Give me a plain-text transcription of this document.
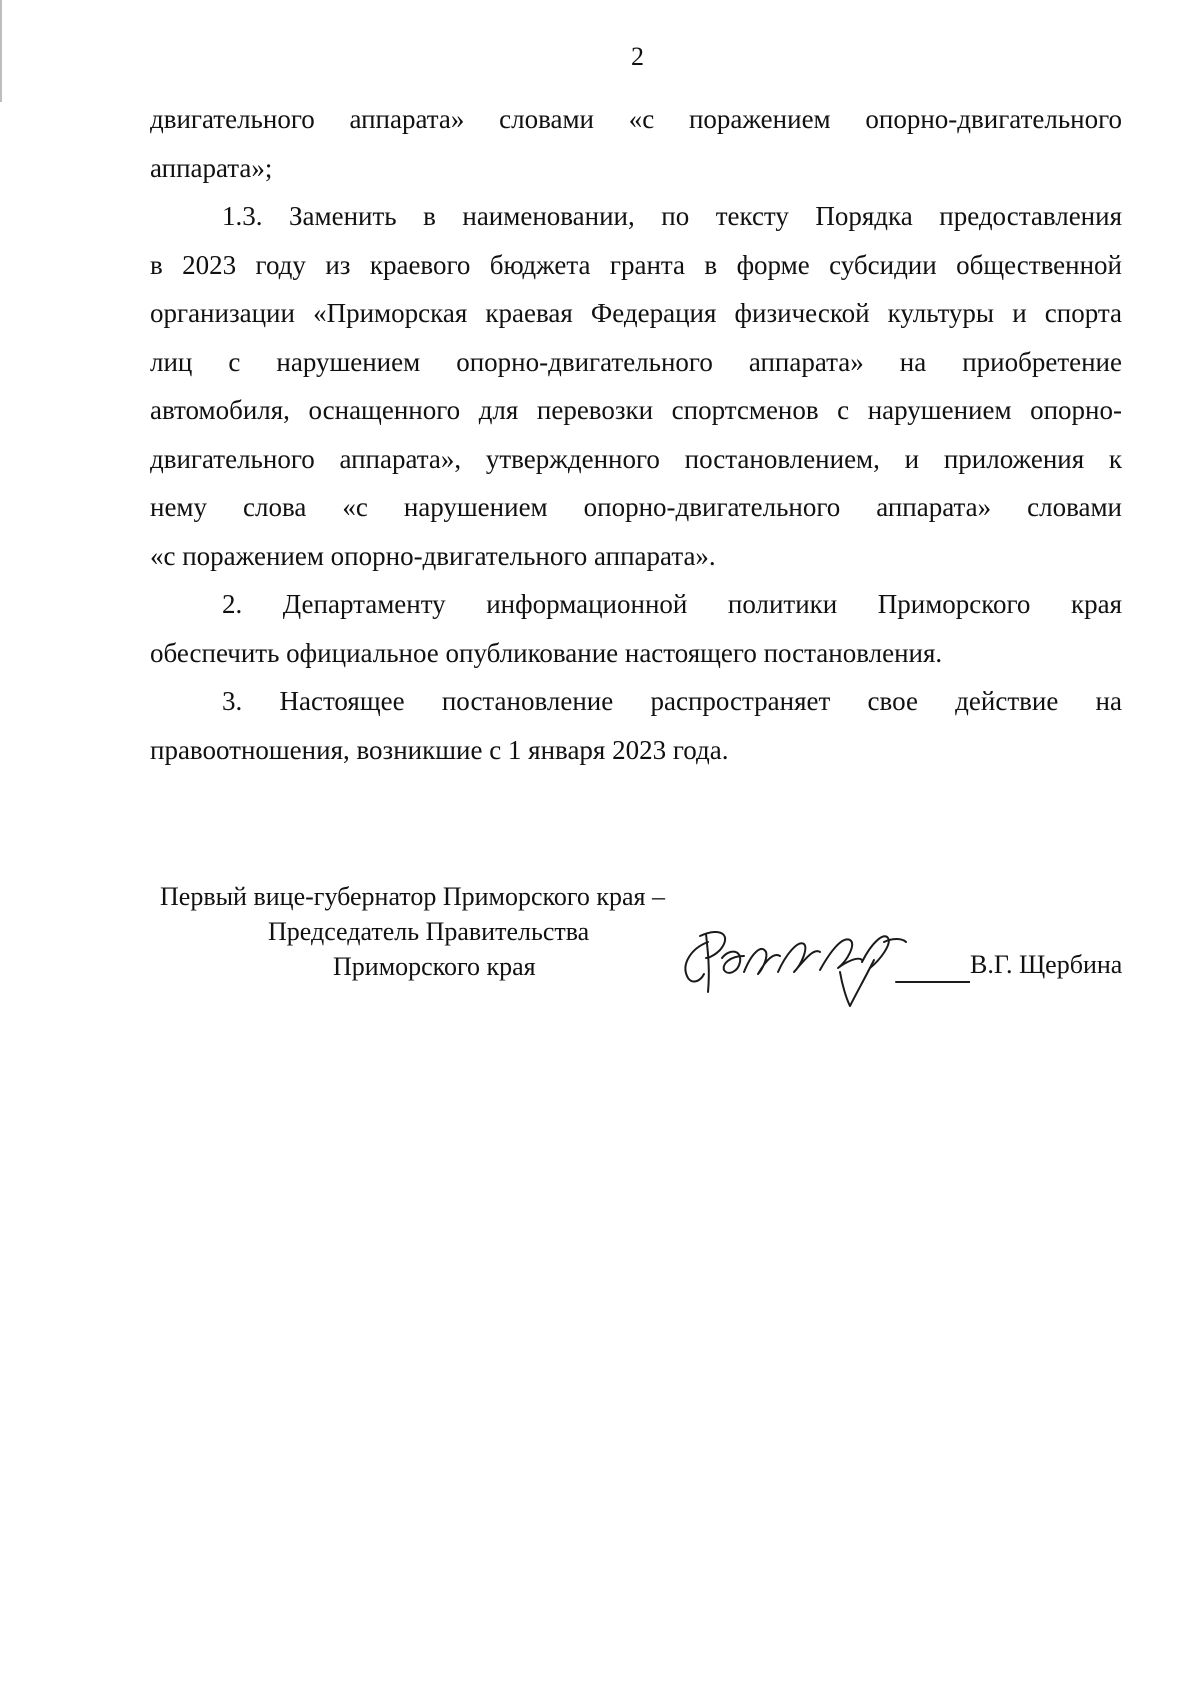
2
двигательного аппарата» словами «с поражением опорно-двигательного
аппарата»;
1.3. Заменить в наименовании, по тексту Порядка предоставления
в 2023 году из краевого бюджета гранта в форме субсидии общественной
организации «Приморская краевая Федерация физической культуры и спорта
лиц с нарушением опорно-двигательного аппарата» на приобретение
автомобиля, оснащенного для перевозки спортсменов с нарушением опорно-
двигательного аппарата», утвержденного постановлением, и приложения к
нему слова «с нарушением опорно-двигательного аппарата» словами
«с поражением опорно-двигательного аппарата».
2. Департаменту информационной политики Приморского края
обеспечить официальное опубликование настоящего постановления.
3. Настоящее постановление распространяет свое действие на
правоотношения, возникшие с 1 января 2023 года.
Первый вице-губернатор Приморского края –
Председатель Правительства
Приморского края	В.Г. Щербина
